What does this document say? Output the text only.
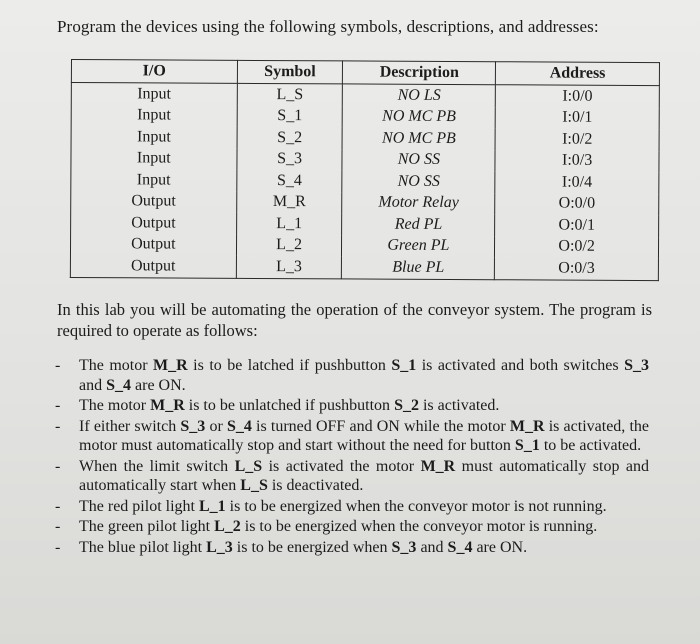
Program the devices using the following symbols, descriptions, and addresses:
I/O	Symbol	Description	Address
Input	L_S	NO LS	I:0/0
Input	S_1	NO MC PB	I:0/1
Input	S_2	NO MC PB	I:0/2
Input	S_3	NO SS	I:0/3
Input	S_4	NO SS	I:0/4
Output	M_R	Motor Relay	O:0/0
Output	L_1	Red PL	O:0/1
Output	L_2	Green PL	O:0/2
Output	L_3	Blue PL	O:0/3
In this lab you will be automating the operation of the conveyor system. The program is required to operate as follows:
- The motor M_R is to be latched if pushbutton S_1 is activated and both switches S_3 and S_4 are ON.
- The motor M_R is to be unlatched if pushbutton S_2 is activated.
- If either switch S_3 or S_4 is turned OFF and ON while the motor M_R is activated, the motor must automatically stop and start without the need for button S_1 to be activated.
- When the limit switch L_S is activated the motor M_R must automatically stop and automatically start when L_S is deactivated.
- The red pilot light L_1 is to be energized when the conveyor motor is not running.
- The green pilot light L_2 is to be energized when the conveyor motor is running.
- The blue pilot light L_3 is to be energized when S_3 and S_4 are ON.
